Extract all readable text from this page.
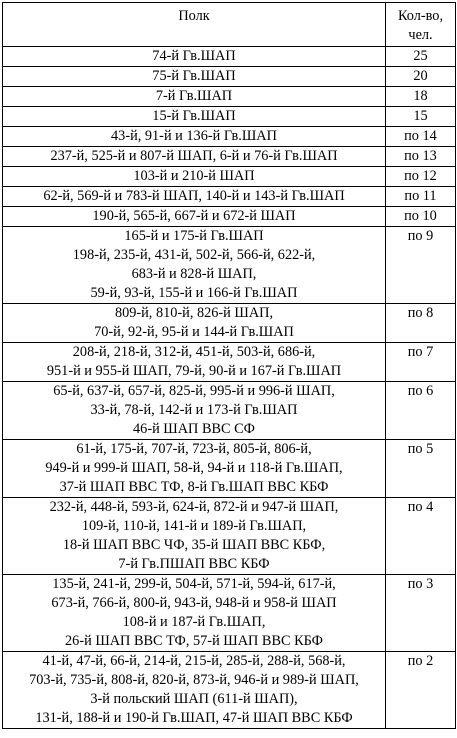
Полк	Кол-во,
чел.

74-й Гв.ШАП	25

75-й Гв.ШАП	20

7-й Гв.ШАП	18

15-й Гв.ШАП	15

43-й, 91-й и 136-й Гв.ШАП	по 14

237-й, 525-й и 807-й ШАП, 6-й и 76-й Гв.ШАП	по 13

103-й и 210-й ШАП	по 12

62-й, 569-й и 783-й ШАП, 140-й и 143-й Гв.ШАП	по 11

190-й, 565-й, 667-й и 672-й ШАП	по 10

165-й и 175-й Гв.ШАП
198-й, 235-й, 431-й, 502-й, 566-й, 622-й,
683-й и 828-й ШАП,
59-й, 93-й, 155-й и 166-й Гв.ШАП	по 9

809-й, 810-й, 826-й ШАП,
70-й, 92-й, 95-й и 144-й Гв.ШАП	по 8

208-й, 218-й, 312-й, 451-й, 503-й, 686-й,
951-й и 955-й ШАП, 79-й, 90-й и 167-й Гв.ШАП	по 7

65-й, 637-й, 657-й, 825-й, 995-й и 996-й ШАП,
33-й, 78-й, 142-й и 173-й Гв.ШАП
46-й ШАП ВВС СФ	по 6

61-й, 175-й, 707-й, 723-й, 805-й, 806-й,
949-й и 999-й ШАП, 58-й, 94-й и 118-й Гв.ШАП,
37-й ШАП ВВС ТФ, 8-й Гв.ШАП ВВС КБФ	по 5

232-й, 448-й, 593-й, 624-й, 872-й и 947-й ШАП,
109-й, 110-й, 141-й и 189-й Гв.ШАП,
18-й ШАП ВВС ЧФ, 35-й ШАП ВВС КБФ,
7-й Гв.ПШАП ВВС КБФ	по 4

135-й, 241-й, 299-й, 504-й, 571-й, 594-й, 617-й,
673-й, 766-й, 800-й, 943-й, 948-й и 958-й ШАП
108-й и 187-й Гв.ШАП,
26-й ШАП ВВС ТФ, 57-й ШАП ВВС КБФ	по 3

41-й, 47-й, 66-й, 214-й, 215-й, 285-й, 288-й, 568-й,
703-й, 735-й, 808-й, 820-й, 873-й, 946-й и 989-й ШАП,
3-й польский ШАП (611-й ШАП),
131-й, 188-й и 190-й Гв.ШАП, 47-й ШАП ВВС КБФ	по 2
